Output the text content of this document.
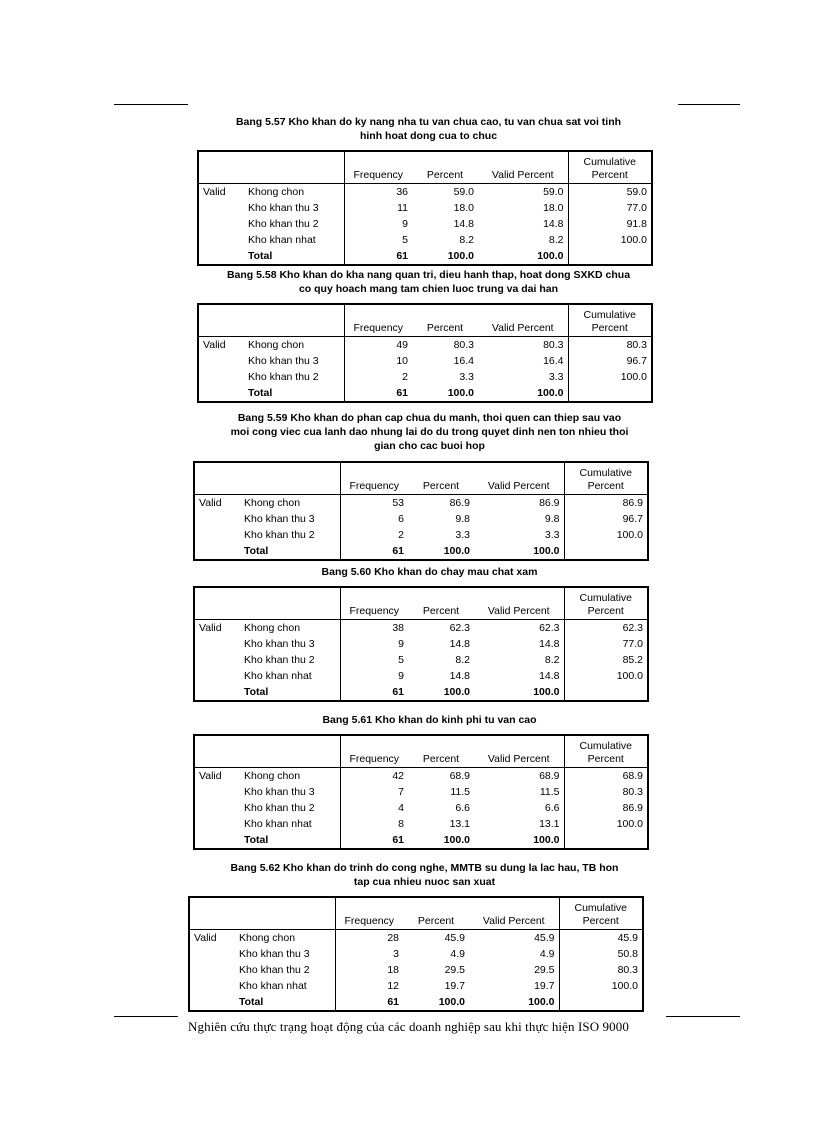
Bang 5.57 Kho khan do ky nang nha tu van chua cao, tu van chua sat voi tinh
hinh hoat dong cua to chuc
		Frequency	Percent	Valid Percent	Cumulative
Percent

Valid	Khong chon	36	59.0	59.0	59.0
	Kho khan thu 3	11	18.0	18.0	77.0
	Kho khan thu 2	9	14.8	14.8	91.8
	Kho khan nhat	5	8.2	8.2	100.0
	Total	61	100.0	100.0	
Bang 5.58 Kho khan do kha nang quan tri, dieu hanh thap, hoat dong SXKD chua
co quy hoach mang tam chien luoc trung va dai han
		Frequency	Percent	Valid Percent	Cumulative
Percent

Valid	Khong chon	49	80.3	80.3	80.3
	Kho khan thu 3	10	16.4	16.4	96.7
	Kho khan thu 2	2	3.3	3.3	100.0
	Total	61	100.0	100.0	
Bang 5.59 Kho khan do phan cap chua du manh, thoi quen can thiep sau vao
moi cong viec cua lanh dao nhung lai do du trong quyet dinh nen ton nhieu thoi
gian cho cac buoi hop
		Frequency	Percent	Valid Percent	Cumulative
Percent

Valid	Khong chon	53	86.9	86.9	86.9
	Kho khan thu 3	6	9.8	9.8	96.7
	Kho khan thu 2	2	3.3	3.3	100.0
	Total	61	100.0	100.0	
Bang 5.60 Kho khan do chay mau chat xam
		Frequency	Percent	Valid Percent	Cumulative
Percent

Valid	Khong chon	38	62.3	62.3	62.3
	Kho khan thu 3	9	14.8	14.8	77.0
	Kho khan thu 2	5	8.2	8.2	85.2
	Kho khan nhat	9	14.8	14.8	100.0
	Total	61	100.0	100.0	
Bang 5.61 Kho khan do kinh phi tu van cao
		Frequency	Percent	Valid Percent	Cumulative
Percent

Valid	Khong chon	42	68.9	68.9	68.9
	Kho khan thu 3	7	11.5	11.5	80.3
	Kho khan thu 2	4	6.6	6.6	86.9
	Kho khan nhat	8	13.1	13.1	100.0
	Total	61	100.0	100.0	
Bang 5.62 Kho khan do trinh do cong nghe, MMTB su dung la lac hau, TB hon
tap cua nhieu nuoc san xuat
		Frequency	Percent	Valid Percent	Cumulative
Percent

Valid	Khong chon	28	45.9	45.9	45.9
	Kho khan thu 3	3	4.9	4.9	50.8
	Kho khan thu 2	18	29.5	29.5	80.3
	Kho khan nhat	12	19.7	19.7	100.0
	Total	61	100.0	100.0	
Nghiên cứu thực trạng hoạt động của các doanh nghiệp sau khi thực hiện ISO 9000
